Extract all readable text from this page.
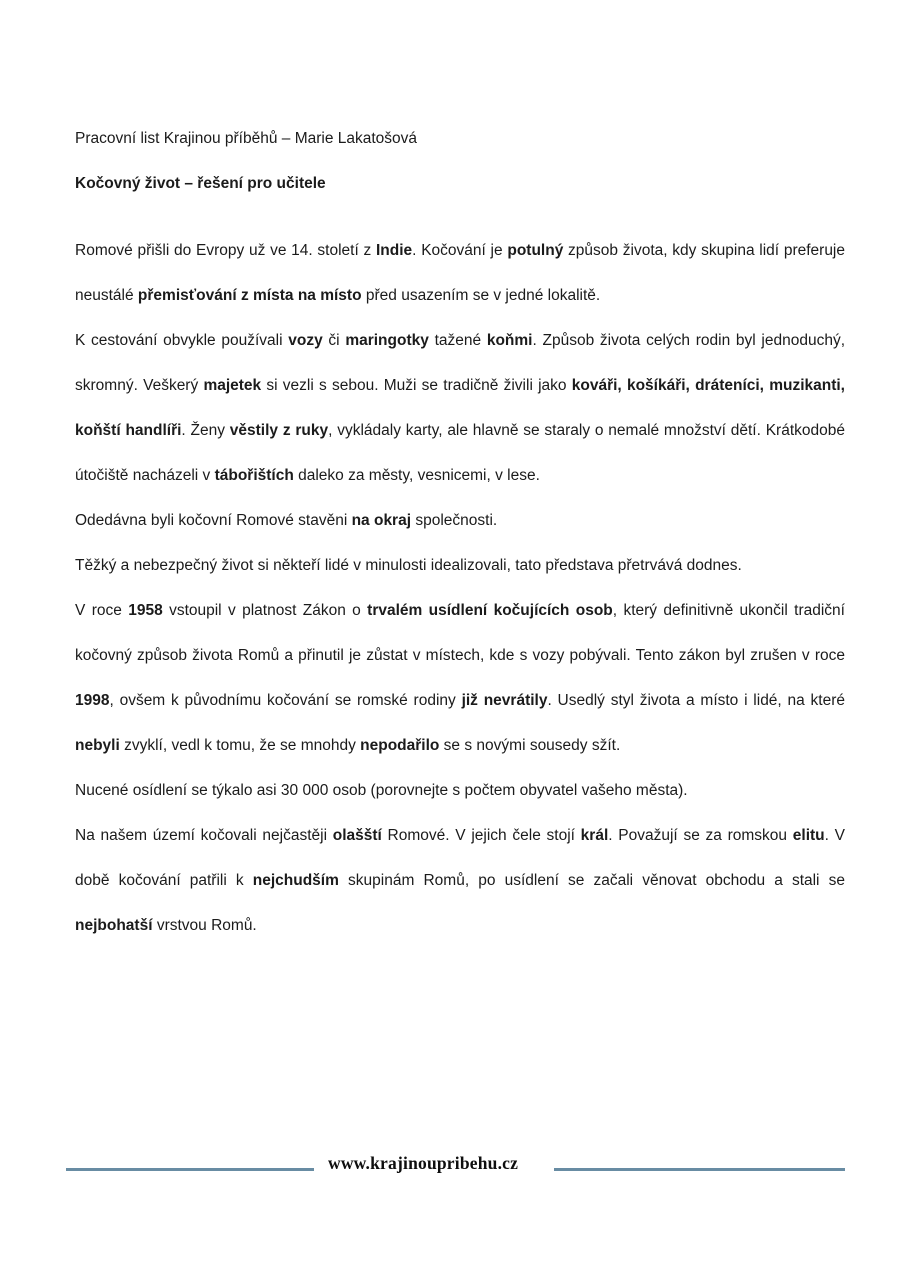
Pracovní list Krajinou příběhů – Marie Lakatošová

Kočovný život – řešení pro učitele

Romové přišli do Evropy už ve 14. století z Indie. Kočování je potulný způsob života, kdy skupina lidí preferuje neustálé přemisťování z místa na místo před usazením se v jedné lokalitě.

K cestování obvykle používali vozy či maringotky tažené koňmi. Způsob života celých rodin byl jednoduchý, skromný. Veškerý majetek si vezli s sebou. Muži se tradičně živili jako kováři, košíkáři, dráteníci, muzikanti, koňští handlíři. Ženy věstily z ruky, vykládaly karty, ale hlavně se staraly o nemalé množství dětí. Krátkodobé útočiště nacházeli v tábořištích daleko za městy, vesnicemi, v lese.

Odedávna byli kočovní Romové stavěni na okraj společnosti.

Těžký a nebezpečný život si někteří lidé v minulosti idealizovali, tato představa přetrvává dodnes.

V roce 1958 vstoupil v platnost Zákon o trvalém usídlení kočujících osob, který definitivně ukončil tradiční kočovný způsob života Romů a přinutil je zůstat v místech, kde s vozy pobývali. Tento zákon byl zrušen v roce 1998, ovšem k původnímu kočování se romské rodiny již nevrátily. Usedlý styl života a místo i lidé, na které nebyli zvyklí, vedl k tomu, že se mnohdy nepodařilo se s novými sousedy sžít.

Nucené osídlení se týkalo asi 30 000 osob (porovnejte s počtem obyvatel vašeho města).

Na našem území kočovali nejčastěji olašští Romové. V jejich čele stojí král. Považují se za romskou elitu. V době kočování patřili k nejchudším skupinám Romů, po usídlení se začali věnovat obchodu a stali se nejbohatší vrstvou Romů.

www.krajinoupribehu.cz
